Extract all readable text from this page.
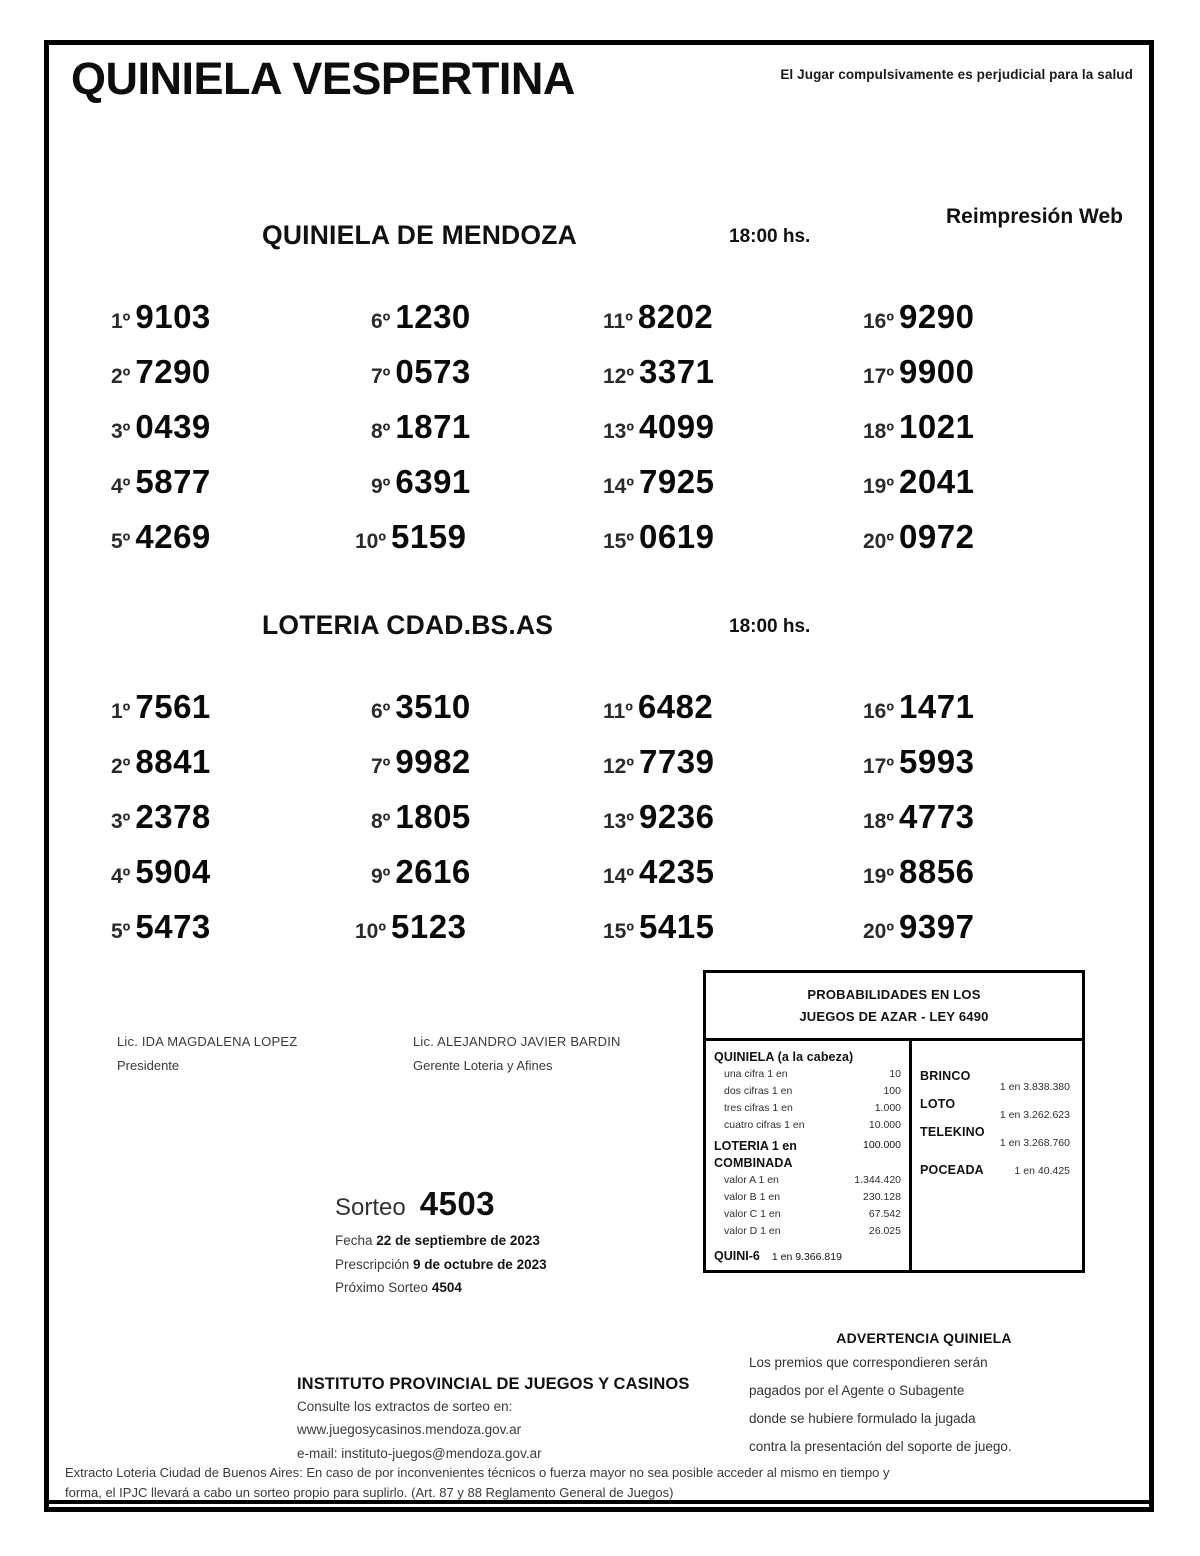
QUINIELA VESPERTINA	El Jugar compulsivamente es perjudicial para la salud
Reimpresión Web
QUINIELA DE MENDOZA	18:00 hs.
1º 9103
2º 7290
3º 0439
4º 5877
5º 4269
6º 1230
7º 0573
8º 1871
9º 6391
10º 5159
11º 8202
12º 3371
13º 4099
14º 7925
15º 0619
16º 9290
17º 9900
18º 1021
19º 2041
20º 0972
LOTERIA CDAD.BS.AS	18:00 hs.
1º 7561
2º 8841
3º 2378
4º 5904
5º 5473
6º 3510
7º 9982
8º 1805
9º 2616
10º 5123
11º 6482
12º 7739
13º 9236
14º 4235
15º 5415
16º 1471
17º 5993
18º 4773
19º 8856
20º 9397
Lic. IDA MAGDALENA LOPEZ
Presidente
Lic. ALEJANDRO JAVIER BARDIN
Gerente Loteria y Afines
Sorteo 4503
Fecha 22 de septiembre de 2023
Prescripción 9 de octubre de 2023
Próximo Sorteo 4504
PROBABILIDADES EN LOS
JUEGOS DE AZAR - LEY 6490
QUINIELA (a la cabeza)
una cifra 1 en	10
dos cifras 1 en	100
tres cifras 1 en	1.000
cuatro cifras 1 en	10.000
LOTERIA 1 en	100.000
COMBINADA
valor A 1 en	1.344.420
valor B 1 en	230.128
valor C 1 en	67.542
valor D 1 en	26.025
QUINI-6 1 en 9.366.819
BRINCO
1 en 3.838.380
LOTO
1 en 3.262.623
TELEKINO
1 en 3.268.760
POCEADA	1 en 40.425
ADVERTENCIA QUINIELA

Los premios que correspondieren serán

pagados por el Agente o Subagente

donde se hubiere formulado la jugada

contra la presentación del soporte de juego.

INSTITUTO PROVINCIAL DE JUEGOS Y CASINOS

Consulte los extractos de sorteo en:

www.juegosycasinos.mendoza.gov.ar

e-mail: instituto-juegos@mendoza.gov.ar

Extracto Loteria Ciudad de Buenos Aires: En caso de por inconvenientes técnicos o fuerza mayor no sea posible acceder al mismo en tiempo y
forma, el IPJC llevará a cabo un sorteo propio para suplirlo. (Art. 87 y 88 Reglamento General de Juegos)
